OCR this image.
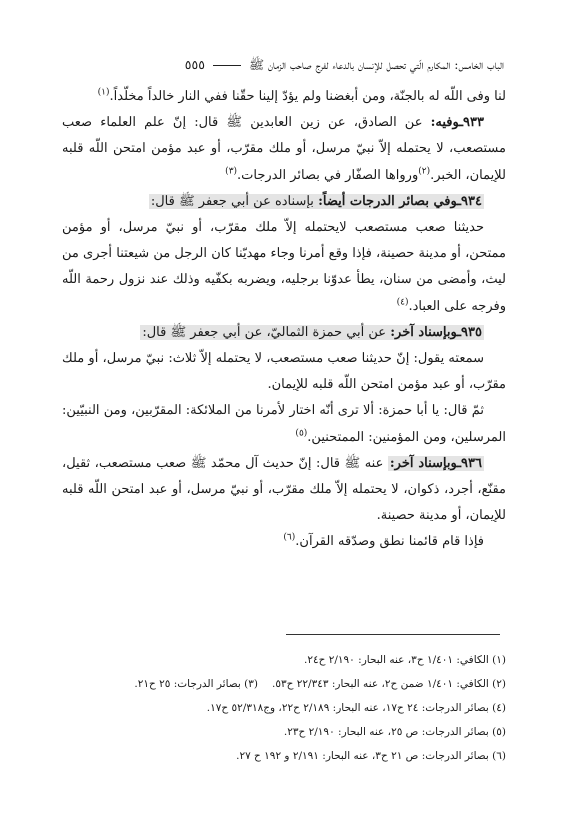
الباب الخامس: المكارم الّتي تحصل للإنسان بالدعاء لفرج صاحب الزمان ﷺ
٥٥٥

لنا وفى اللّه له بالجنّة، ومن أبغضنا ولم يؤدّ إلينا حقّنا ففي النار خالداً مخلّداً.$^{(١)}$

٩٣٣ـوفيه: عن الصادق، عن زين العابدين ﷺ قال: إنّ علم العلماء صعب مستصعب، لا يحتمله إلاّ نبيّ مرسل، أو ملك مقرّب، أو عبد مؤمن امتحن اللّه قلبه للإيمان، الخبر.$^{(٢)}$ورواها الصفّار في بصائر الدرجات.$^{(٣)}$

٩٣٤ـوفي بصائر الدرجات أيضاً: بإسناده عن أبي جعفر ﷺ قال:

حديثنا صعب مستصعب لايحتمله إلاّ ملك مقرّب، أو نبيّ مرسل، أو مؤمن ممتحن، أو مدينة حصينة، فإذا وقع أمرنا وجاء مهديّنا كان الرجل من شيعتنا أجرى من ليث، وأمضى من سنان، يطأ عدوّنا برجليه، ويضربه بكفّيه وذلك عند نزول رحمة اللّه وفرجه على العباد.$^{(٤)}$

٩٣٥ـوبإسناد آخر: عن أبي حمزة الثماليّ، عن أبي جعفر ﷺ قال:

سمعته يقول: إنّ حديثنا صعب مستصعب، لا يحتمله إلاّ ثلاث: نبيّ مرسل، أو ملك مقرّب، أو عبد مؤمن امتحن اللّه قلبه للإيمان.

ثمّ قال: يا أبا حمزة: ألا ترى أنّه اختار لأمرنا من الملائكة: المقرّبين، ومن النبيّين: المرسلين، ومن المؤمنين: الممتحنين.$^{(٥)}$

٩٣٦ـوبإسناد آخر: عنه ﷺ قال: إنّ حديث آل محمّد ﷺ صعب مستصعب، ثقيل، مقنّع، أجرد، ذكوان، لا يحتمله إلاّ ملك مقرّب، أو نبيّ مرسل، أو عبد امتحن اللّه قلبه للإيمان، أو مدينة حصينة.

فإذا قام قائمنا نطق وصدّقه القرآن.$^{(٦)}$

(١) الكافي: ١/٤٠١ ح٣، عنه البحار: ٢/١٩٠ ح٢٤.
(٢) الكافي: ١/٤٠١ ضمن ح٢، عنه البحار: ٢٢/٣٤٣ ح٥٣.(٣) بصائر الدرجات: ٢٥ ح٢١.
(٤) بصائر الدرجات: ٢٤ ح١٧، عنه البحار: ٢/١٨٩ ح٢٢، وج٥٢/٣١٨ ح١٧.
(٥) بصائر الدرجات: ص ٢٥، عنه البحار: ٢/١٩٠ ح٢٣.
(٦) بصائر الدرجات: ص ٢١ ح٣، عنه البحار: ٢/١٩١ و ١٩٢ ح ٢٧.
